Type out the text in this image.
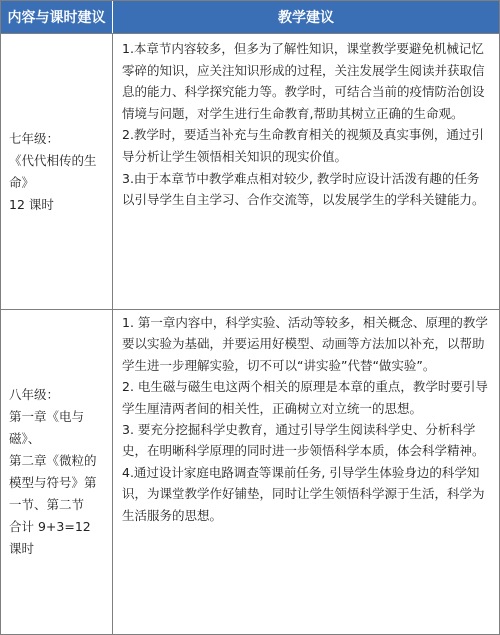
内容与课时建议	教学建议
七年级：
《代代相传的生
命》
12 课时

1.本章节内容较多，但多为了解性知识，课堂教学要避免机械记忆零碎的知识，应关注知识形成的过程，关注发展学生阅读并获取信息的能力、科学探究能力等。教学时，可结合当前的疫情防治创设情境与问题，对学生进行生命教育,帮助其树立正确的生命观。

2.教学时，要适当补充与生命教育相关的视频及真实事例，通过引导分析让学生领悟相关知识的现实价值。

3.由于本章节中教学难点相对较少, 教学时应设计活泼有趣的任务以引导学生自主学习、合作交流等，以发展学生的学科关键能力。

八年级：
第一章《电与
磁》、
第二章《微粒的
模型与符号》第
一节、第二节
合计 9+3=12
课时

1. 第一章内容中，科学实验、活动等较多，相关概念、原理的教学要以实验为基础，并要运用好模型、动画等方法加以补充，以帮助学生进一步理解实验，切不可以“讲实验”代替“做实验”。

2. 电生磁与磁生电这两个相关的原理是本章的重点，教学时要引导学生厘清两者间的相关性，正确树立对立统一的思想。

3. 要充分挖掘科学史教育，通过引导学生阅读科学史、分析科学史，在明晰科学原理的同时进一步领悟科学本质，体会科学精神。

4.通过设计家庭电路调查等课前任务, 引导学生体验身边的科学知识，为课堂教学作好铺垫，同时让学生领悟科学源于生活，科学为生活服务的思想。
